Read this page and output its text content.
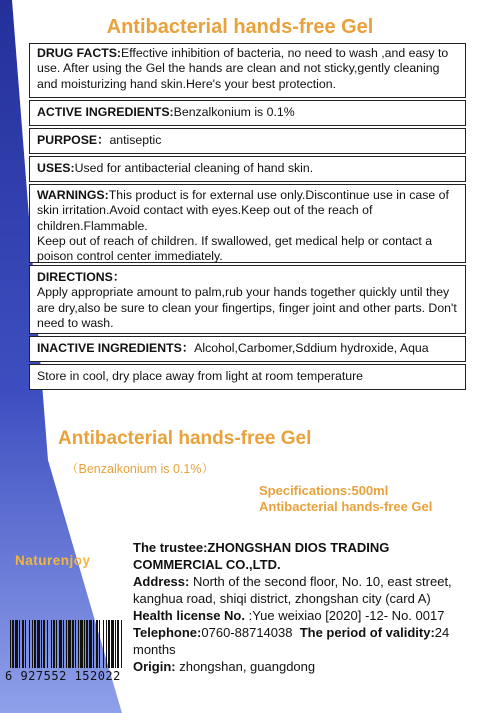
Antibacterial hands-free Gel
DRUG FACTS:Effective inhibition of bacteria, no need to wash ,and easy to use. After using the Gel the hands are clean and not sticky,gently cleaning and moisturizing hand skin.Here's your best protection.
ACTIVE INGREDIENTS:Benzalkonium is 0.1%
PURPOSE：antiseptic
USES:Used for antibacterial cleaning of hand skin.
WARNINGS:This product is for external use only.Discontinue use in case of skin irritation.Avoid contact with eyes.Keep out of the reach of children.Flammable.
Keep out of reach of children. If swallowed, get medical help or contact a poison control center immediately.
DIRECTIONS：
Apply appropriate amount to palm,rub your hands together quickly until they are dry,also be sure to clean your fingertips, finger joint and other parts. Don't need to wash.
INACTIVE INGREDIENTS：Alcohol,Carbomer,Sddium hydroxide, Aqua
Store in cool, dry place away from light at room temperature
Antibacterial hands-free Gel
（Benzalkonium is 0.1%）
Specifications:500ml
Antibacterial hands-free Gel
Naturenjoy
The trustee:ZHONGSHAN DIOS TRADING COMMERCIAL CO.,LTD.
Address: North of the second floor, No. 10, east street, kanghua road, shiqi district, zhongshan city (card A)
Health license No. :Yue weixiao [2020] -12- No. 0017
Telephone:0760-88714038 The period of validity:24 months
Origin: zhongshan, guangdong
6 927552 152022
